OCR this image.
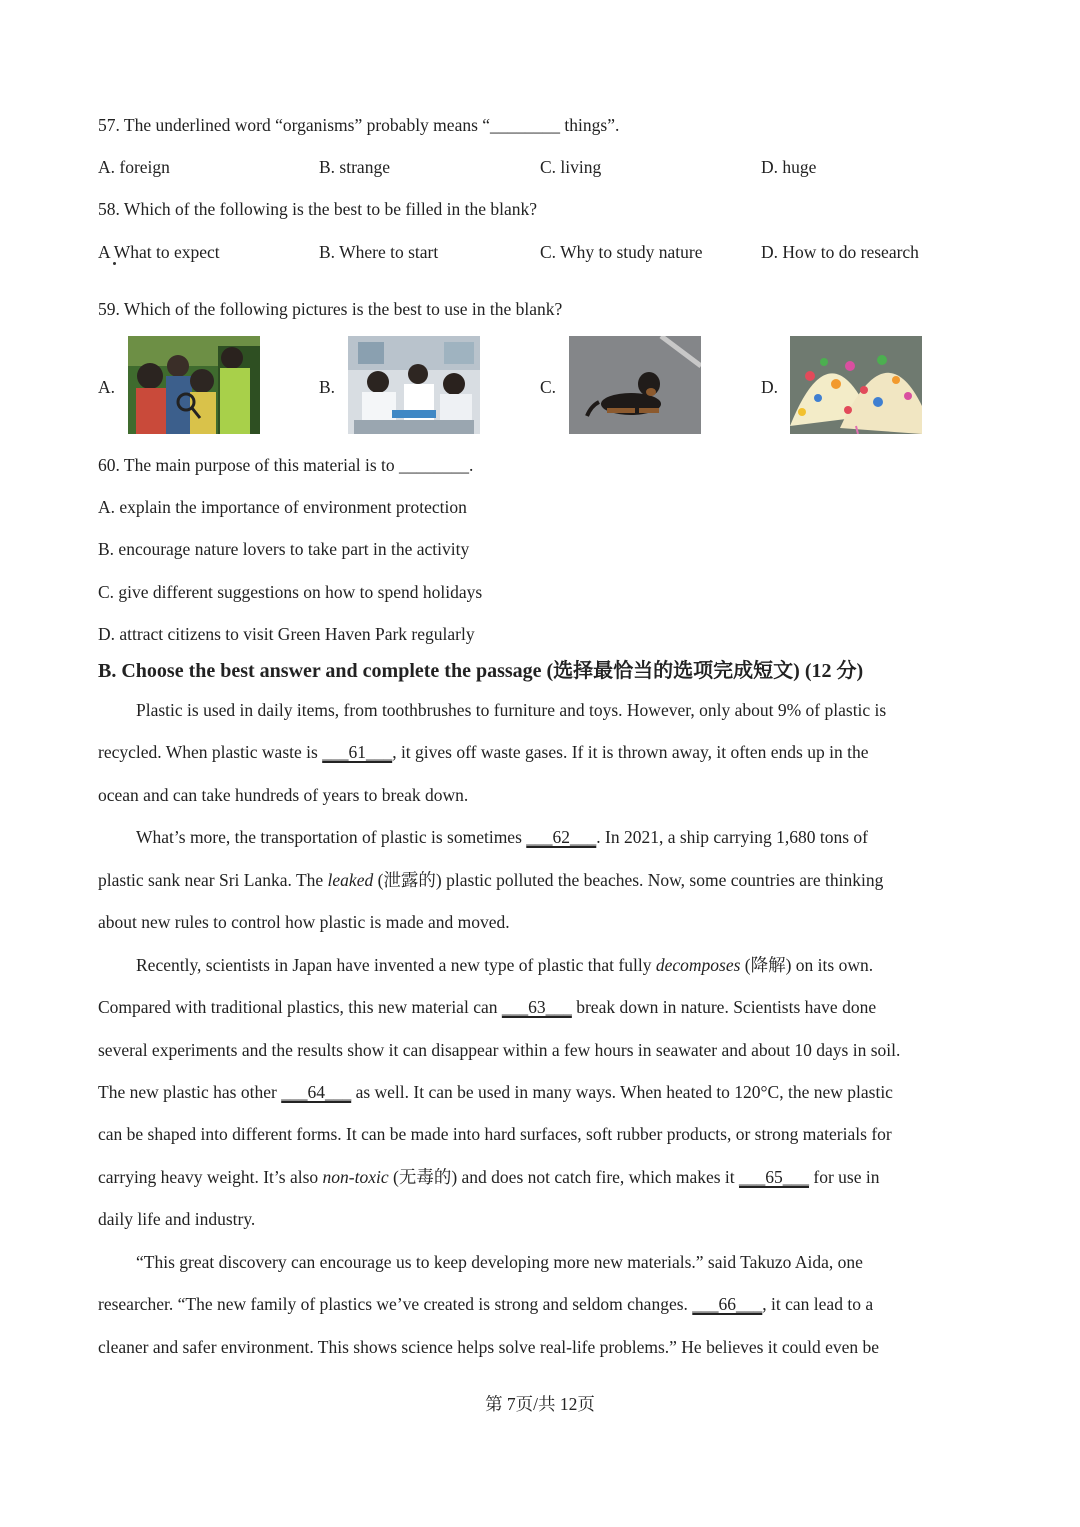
57. The underlined word “organisms” probably means “________ things”.
A. foreign	B. strange	C. living	D. huge
58. Which of the following is the best to be filled in the blank?
A What to expect	B. Where to start	C. Why to study nature	D. How to do research
59. Which of the following pictures is the best to use in the blank?
A.	B.	C.	D.
60. The main purpose of this material is to ________.
A. explain the importance of environment protection
B. encourage nature lovers to take part in the activity
C. give different suggestions on how to spend holidays
D. attract citizens to visit Green Haven Park regularly
B. Choose the best answer and complete the passage (选择最恰当的选项完成短文) (12 分)
Plastic is used in daily items, from toothbrushes to furniture and toys. However, only about 9% of plastic is
recycled. When plastic waste is ___61___, it gives off waste gases. If it is thrown away, it often ends up in the
ocean and can take hundreds of years to break down.
What’s more, the transportation of plastic is sometimes ___62___. In 2021, a ship carrying 1,680 tons of
plastic sank near Sri Lanka. The leaked (泄露的) plastic polluted the beaches. Now, some countries are thinking
about new rules to control how plastic is made and moved.
Recently, scientists in Japan have invented a new type of plastic that fully decomposes (降解) on its own.
Compared with traditional plastics, this new material can ___63___ break down in nature. Scientists have done
several experiments and the results show it can disappear within a few hours in seawater and about 10 days in soil.
The new plastic has other ___64___ as well. It can be used in many ways. When heated to 120°C, the new plastic
can be shaped into different forms. It can be made into hard surfaces, soft rubber products, or strong materials for
carrying heavy weight. It’s also non-toxic (无毒的) and does not catch fire, which makes it ___65___ for use in
daily life and industry.
“This great discovery can encourage us to keep developing more new materials.” said Takuzo Aida, one
researcher. “The new family of plastics we’ve created is strong and seldom changes. ___66___, it can lead to a
cleaner and safer environment. This shows science helps solve real-life problems.” He believes it could even be
第 7页/共 12页
